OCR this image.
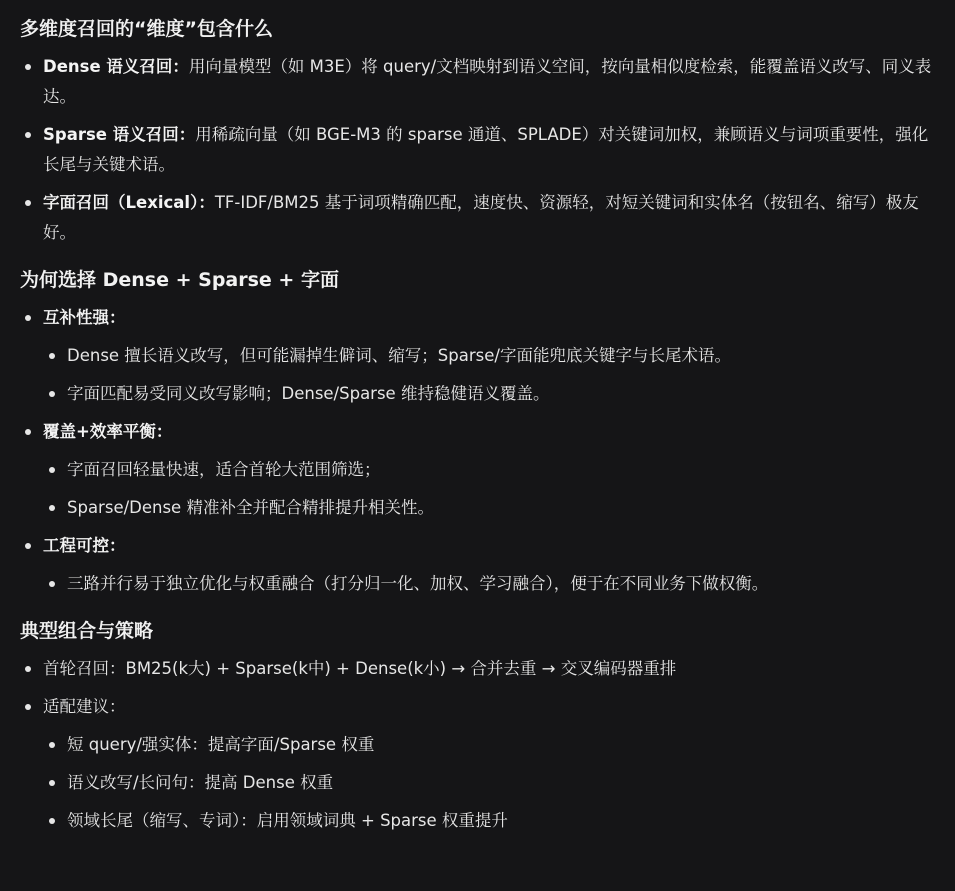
多维度召回的“维度”包含什么
Dense 语义召回：用向量模型（如 M3E）将 query/文档映射到语义空间，按向量相似度检索，能覆盖语义改写、同义表达。
Sparse 语义召回：用稀疏向量（如 BGE-M3 的 sparse 通道、SPLADE）对关键词加权，兼顾语义与词项重要性，强化长尾与关键术语。
字面召回（Lexical）：TF-IDF/BM25 基于词项精确匹配，速度快、资源轻，对短关键词和实体名（按钮名、缩写）极友好。
为何选择 Dense + Sparse + 字面
互补性强：
Dense 擅长语义改写，但可能漏掉生僻词、缩写；Sparse/字面能兜底关键字与长尾术语。
字面匹配易受同义改写影响；Dense/Sparse 维持稳健语义覆盖。
覆盖+效率平衡：
字面召回轻量快速，适合首轮大范围筛选；
Sparse/Dense 精准补全并配合精排提升相关性。
工程可控：
三路并行易于独立优化与权重融合（打分归一化、加权、学习融合），便于在不同业务下做权衡。
典型组合与策略
首轮召回：BM25(k大) + Sparse(k中) + Dense(k小) → 合并去重 → 交叉编码器重排
适配建议：
短 query/强实体：提高字面/Sparse 权重
语义改写/长问句：提高 Dense 权重
领域长尾（缩写、专词）：启用领域词典 + Sparse 权重提升
